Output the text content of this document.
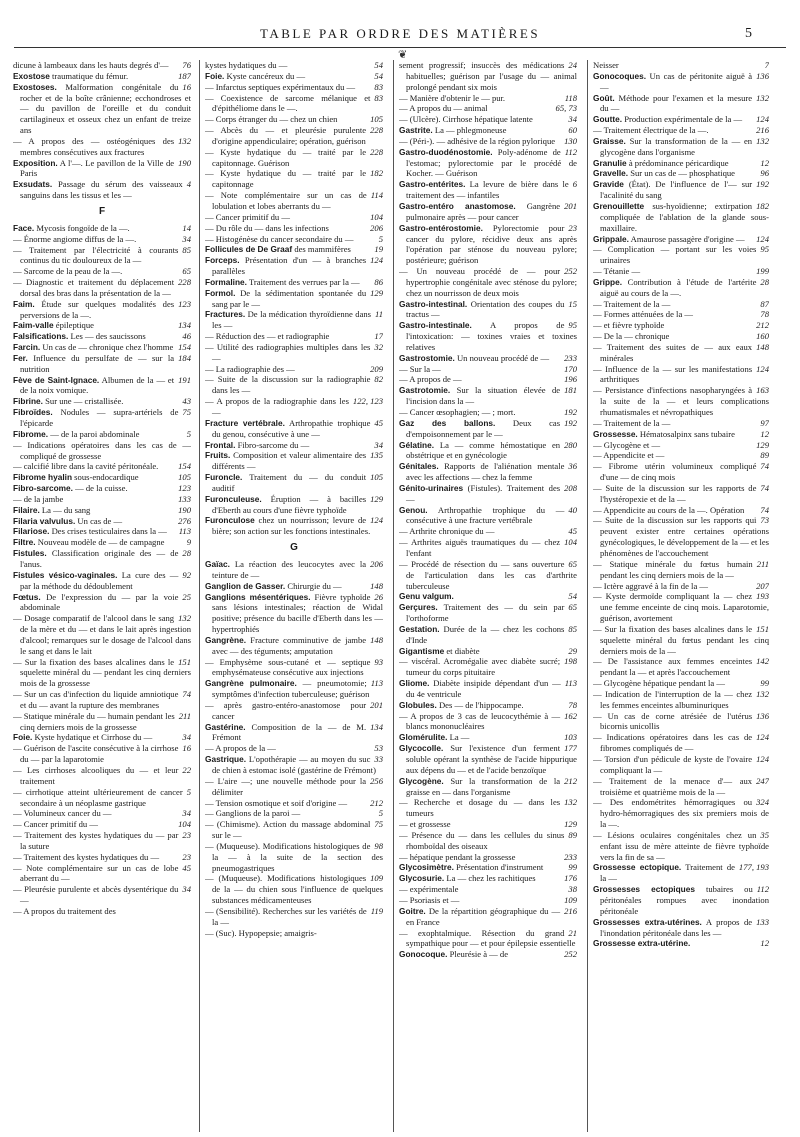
TABLE PAR ORDRE DES MATIÈRES	5
❦
76
dicune à lambeaux dans les hauts degrés d'—
187
Exostose traumatique du fémur.
16
Exostoses. Malformation congénitale du rocher et de la boîte crânienne; ecchondroses et — du pavillon de l'oreille et du conduit cartilagineux et osseux chez un enfant de treize ans
132
— A propos des — ostéogéniques des membres consécutives aux fractures
190
Exposition. A l'—. Le pavillon de la Ville de Paris
4
Exsudats. Passage du sérum des vaisseaux sanguins dans les tissus et les —
F
14
Face. Mycosis fongoïde de la —.
34
— Énorme angiome diffus de la —.
85
— Traitement par l'électricité à courants continus du tic douloureux de la —
65
— Sarcome de la peau de la —.
228
— Diagnostic et traitement du déplacement dorsal des bras dans la présentation de la —
123
Faim. Étude sur quelques modalités des perversions de la —.
134
Faim-valle épileptique
46
Falsifications. Les — des saucissons
154
Farcin. Un cas de — chronique chez l'homme
184
Fer. Influence du persulfate de — sur la nutrition
191
Fève de Saint-Ignace. Albumen de la — et de la noix vomique.
43
Fibrine. Sur une — cristallisée.
75
Fibroïdes. Nodules — supra-artériels de l'épicarde
5
Fibrome. — de la paroi abdominale
— Indications opératoires dans les cas de — compliqué de grossesse
154
— calcifié libre dans la cavité péritonéale.
105
Fibrome hyalin sous-endocardique
123
Fibro-sarcome. — de la cuisse.
133
— de la jambe
190
Filaire. La — du sang
276
Filaria valvulus. Un cas de —
113
Filariose. Des crises testiculaires dans la —
9
Filtre. Nouveau modèle de — de campagne
28
Fistules. Classification originale des — de l'anus.
92
Fistules vésico-vaginales. La cure des — par la méthode du dédoublement
25
Fœtus. De l'expression du — par la voie abdominale
132
— Dosage comparatif de l'alcool dans le sang de la mère et du — et dans le lait après ingestion d'alcool; remarques sur le dosage de l'alcool dans le sang et dans le lait
151
— Sur la fixation des bases alcalines dans le squelette minéral du — pendant les cinq derniers mois de la grossesse
74
— Sur un cas d'infection du liquide amniotique et du — avant la rupture des membranes
211
— Statique minérale du — humain pendant les cinq derniers mois de la grossesse
34
Foie. Kyste hydatique et Cirrhose du —
16
— Guérison de l'ascite consécutive à la cirrhose du — par la laparotomie
22
— Les cirrhoses alcooliques du — et leur traitement
5
— cirrhotique atteint ultérieurement de cancer secondaire à un néoplasme gastrique
34
— Volumineux cancer du —
104
— Cancer primitif du —
23
— Traitement des kystes hydatiques du — par la suture
23
— Traitement des kystes hydatiques du —
45
— Note complémentaire sur un cas de lobe aberrant du —
34
— Pleurésie purulente et abcès dysentérique du —
— A propos du traitement des
54
kystes hydatiques du —
54
Foie. Kyste cancéreux du —
83
— Infarctus septiques expérimentaux du —
83
— Coexistence de sarcome mélanique et d'épithéliome dans le —.
105
— Corps étranger du — chez un chien
228
— Abcès du — et pleurésie purulente d'origine appendiculaire; opération, guérison
228
— Kyste hydatique du — traité par le capitonnage. Guérison
182
— Kyste hydatique du — traité par le capitonnage
114
— Note complémentaire sur un cas de lobulation et lobes aberrants du —
104
— Cancer primitif du —
206
— Du rôle du — dans les infections
5
— Histogénèse du cancer secondaire du —
19
Follicules de De Graaf des mammifères
124
Forceps. Présentation d'un — à branches parallèles
86
Formaline. Traitement des verrues par la —
129
Formol. De la sédimentation spontanée du sang par le —
11
Fractures. De la médication thyroïdienne dans les —
17
— Réduction des — et radiographie
32
— Utilité des radiographies multiples dans les —
209
— La radiographie des —
82
— Suite de la discussion sur la radiographie dans les —
122, 123
— A propos de la radiographie dans les —
45
Fracture vertébrale. Arthropathie trophique du genou, consécutive à une —
34
Frontal. Fibro-sarcome du —
135
Fruits. Composition et valeur alimentaire des différents —
105
Furoncle. Traitement du — du conduit auditif
129
Furonculeuse. Éruption — à bacilles d'Eberth au cours d'une fièvre typhoïde
124
Furonculose chez un nourrisson; levure de bière; son action sur les fonctions intestinales.
G
206
Gaïac. La réaction des leucocytes avec la teinture de —
148
Ganglion de Gasser. Chirurgie du —
26
Ganglions mésentériques. Fièvre typhoïde sans lésions intestinales; réaction de Widal positive; présence du bacille d'Eberth dans les — hypertrophiés
148
Gangrène. Fracture comminutive de jambe avec — des téguments; amputation
93
— Emphysème sous-cutané et — septique emphysémateuse consécutive aux injections
113
Gangrène pulmonaire. — pneumotomie; symptômes d'infection tuberculeuse; guérison
201
— après gastro-entéro-anastomose pour cancer
134
Gastérine. Composition de la — de M. Frémont
53
— A propos de la —
33
Gastrique. L'opothérapie — au moyen du suc de chien à estomac isolé (gastérine de Frémont)
256
— L'aire —; une nouvelle méthode pour la délimiter
212
— Tension osmotique et soif d'origine —
5
— Ganglions de la paroi —
75
— (Chimisme). Action du massage abdominal sur le —
98
— (Muqueuse). Modifications histologiques de la — à la suite de la section des pneumogastriques
109
— (Muqueuse). Modifications histologiques de la — du chien sous l'influence de quelques substances médicamenteuses
119
— (Sensibilité). Recherches sur les variétés de la —
— (Suc). Hypopepsie; amaigris-
24
sement progressif; insuccès des médications habituelles; guérison par l'usage du — animal prolongé pendant six mois
118
— Manière d'obtenir le — pur.
65, 73
— A propos du — animal
34
— (Ulcère). Cirrhose hépatique latente
60
Gastrite. La — phlegmoneuse
130
— (Péri-). — adhésive de la région pylorique
112
Gastro-duodénostomie. Poly-adénome de l'estomac; pylorectomie par le procédé de Kocher. — Guérison
6
Gastro-entérites. La levure de bière dans le traitement des — infantiles
201
Gastro-entéro anastomose. Gangrène pulmonaire après — pour cancer
23
Gastro-entérostomie. Pylorectomie pour cancer du pylore, récidive deux ans après l'opération par sténose du nouveau pylore; postérieure; guérison
252
— Un nouveau procédé de — pour hypertrophie congénitale avec sténose du pylore; chez un nourrisson de deux mois
15
Gastro-intestinal. Orientation des coupes du tractus —
95
Gastro-intestinale. A propos de l'intoxication: — toxines vraies et toxines relatives
233
Gastrostomie. Un nouveau procédé de —
170
— Sur la —
196
— A propos de —
181
Gastrotomie. Sur la situation élevée de l'incision dans la —
192
— Cancer œsophagien; — ; mort.
192
Gaz des ballons. Deux cas d'empoisonnement par le —
280
Gélatine. La — comme hémostatique en obstétrique et en gynécologie
36
Génitales. Rapports de l'aliénation mentale avec les affections — chez la femme
208
Génito-urinaires (Fistules). Traitement des —
40
Genou. Arthropathie trophique du — consécutive à une fracture vertébrale
45
— Arthrite chronique du —
104
— Arthrites aiguës traumatiques du — chez l'enfant
65
— Procédé de résection du — sans ouverture de l'articulation dans les cas d'arthrite tuberculeuse
54
Genu valgum.
65
Gerçures. Traitement des — du sein par l'orthoforme
85
Gestation. Durée de la — chez les cochons d'Inde
29
Gigantisme et diabète
198
— viscéral. Acromégalie avec diabète sucré; tumeur du corps pituitaire
113
Gliome. Diabète insipide dépendant d'un — du 4e ventricule
78
Globules. Des — de l'hippocampe.
162
— A propos de 3 cas de leucocythémie à — blancs mononucléaires
103
Glomérulite. La —
177
Glycocolle. Sur l'existence d'un ferment soluble opérant la synthèse de l'acide hippurique aux dépens du — et de l'acide benzoïque
212
Glycogène. Sur la transformation de la graisse en — dans l'organisme
132
— Recherche et dosage du — dans les tumeurs
129
— et grossesse
89
— Présence du — dans les cellules du sinus rhomboïdal des oiseaux
233
— hépatique pendant la grossesse
99
Glycosimètre. Présentation d'instrument
176
Glycosurie. La — chez les rachitiques
38
— expérimentale
109
— Psoriasis et —
216
Goitre. De la répartition géographique du — en France
21
— exophtalmique. Résection du grand sympathique pour — et pour épilepsie essentielle
252
Gonocoque. Pleurésie à — de
7
Neisser
136
Gonocoques. Un cas de péritonite aiguë à —
132
Goût. Méthode pour l'examen et la mesure du —
124
Goutte. Production expérimentale de la —
216
— Traitement électrique de la —.
132
Graisse. Sur la transformation de la — en glycogène dans l'organisme
12
Granulie à prédominance péricardique
96
Gravelle. Sur un cas de — phosphatique
192
Gravide (État). De l'influence de l'— sur l'acalinité du sang
182
Grenouillette sus-hyoïdienne; extirpation compliquée de l'ablation de la glande sous-maxillaire.
124
Grippale. Amaurose passagère d'origine —
95
— Complication — portant sur les voies urinaires
199
— Tétanie —
28
Grippe. Contribution à l'étude de l'artérite aiguë au cours de la —.
87
— Traitement de la —
78
— Formes atténuées de la —
212
— et fièvre typhoïde
160
— De la — chronique
148
— Traitement des suites de — aux eaux minérales
124
— Influence de la — sur les manifestations arthritiques
163
— Persistance d'infections nasopharyngées à la suite de la — et leurs complications rhumatismales et névropathiques
97
— Traitement de la —
12
Grossesse. Hématosalpinx sans tubaire
129
— Glycogène et —
89
— Appendicite et —
74
— Fibrome utérin volumineux compliqué d'une — de cinq mois
74
— Suite de la discussion sur les rapports de l'hystéropexie et de la —
74
— Appendicite au cours de la —. Opération
73
— Suite de la discussion sur les rapports qui peuvent exister entre certaines opérations gynécologiques, le développement de la — et les phénomènes de l'accouchement
211
— Statique minérale du fœtus humain pendant les cinq derniers mois de la —
207
— Ictère aggravé à la fin de la —
193
— Kyste dermoïde compliquant la — chez une femme enceinte de cinq mois. Laparotomie, guérison, avortement
151
— Sur la fixation des bases alcalines dans le squelette minéral du fœtus pendant les cinq derniers mois de la —
142
— De l'assistance aux femmes enceintes pendant la — et après l'accouchement
99
— Glycogène hépatique pendant la —
132
— Indication de l'interruption de la — chez les femmes enceintes albuminuriques
136
— Un cas de corne atrésiée de l'utérus bicornis unicollis
124
— Indications opératoires dans les cas de fibromes compliqués de —
124
— Torsion d'un pédicule de kyste de l'ovaire compliquant la —
247
— Traitement de la menace d'— aux troisième et quatrième mois de la —
324
— Des endométrites hémorragiques ou hydro-hémorragiques des six premiers mois de la —.
35
— Lésions oculaires congénitales chez un enfant issu de mère atteinte de fièvre typhoïde vers la fin de sa —
177, 193
Grossesse ectopique. Traitement de la —
112
Grossesses ectopiques tubaires ou péritonéales rompues avec inondation péritonéale
133
Grossesses extra-utérines. A propos de l'inondation péritonéale dans les —
12
Grossesse extra-utérine.
